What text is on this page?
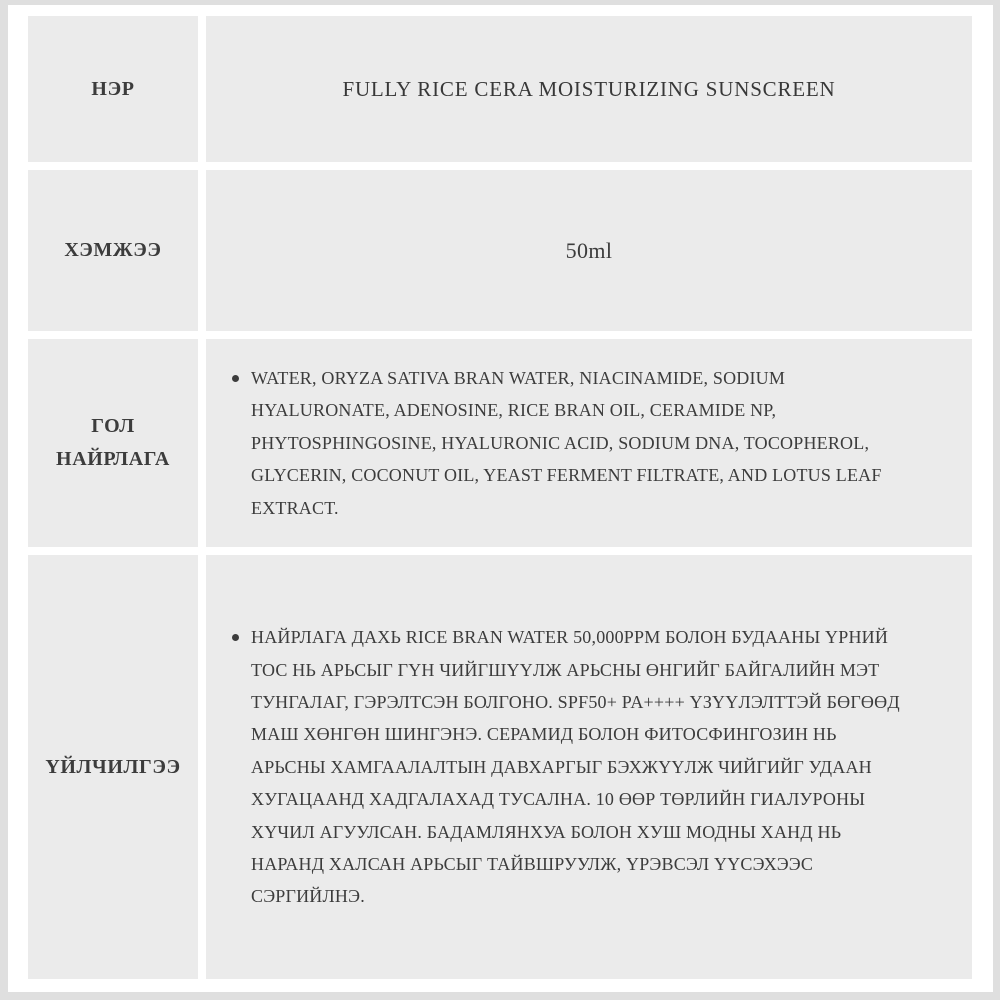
НЭР	FULLY RICE CERA MOISTURIZING SUNSCREEN
ХЭМЖЭЭ	50ml
ГОЛ НАЙРЛАГА
WATER, ORYZA SATIVA BRAN WATER, NIACINAMIDE, SODIUM HYALURONATE, ADENOSINE, RICE BRAN OIL, CERAMIDE NP, PHYTOSPHINGOSINE, HYALURONIC ACID, SODIUM DNA, TOCOPHEROL, GLYCERIN, COCONUT OIL, YEAST FERMENT FILTRATE, AND LOTUS LEAF EXTRACT.
ҮЙЛЧИЛГЭЭ
НАЙРЛАГА ДАХЬ RICE BRAN WATER 50,000PPM БОЛОН БУДААНЫ ҮРНИЙ ТОС НЬ АРЬСЫГ ГҮН ЧИЙГШҮҮЛЖ АРЬСНЫ ӨНГИЙГ БАЙГАЛИЙН МЭТ ТУНГАЛАГ, ГЭРЭЛТСЭН БОЛГОНО. SPF50+ PA++++ ҮЗҮҮЛЭЛТТЭЙ БӨГӨӨД МАШ ХӨНГӨН ШИНГЭНЭ. СЕРАМИД БОЛОН ФИТОСФИНГОЗИН НЬ АРЬСНЫ ХАМГААЛАЛТЫН ДАВХАРГЫГ БЭХЖҮҮЛЖ ЧИЙГИЙГ УДААН ХУГАЦААНД ХАДГАЛАХАД ТУСАЛНА. 10 ӨӨР ТӨРЛИЙН ГИАЛУРОНЫ ХҮЧИЛ АГУУЛСАН. БАДАМЛЯНХУА БОЛОН ХУШ МОДНЫ ХАНД НЬ НАРАНД ХАЛСАН АРЬСЫГ ТАЙВШРУУЛЖ, ҮРЭВСЭЛ ҮҮСЭХЭЭС СЭРГИЙЛНЭ.
